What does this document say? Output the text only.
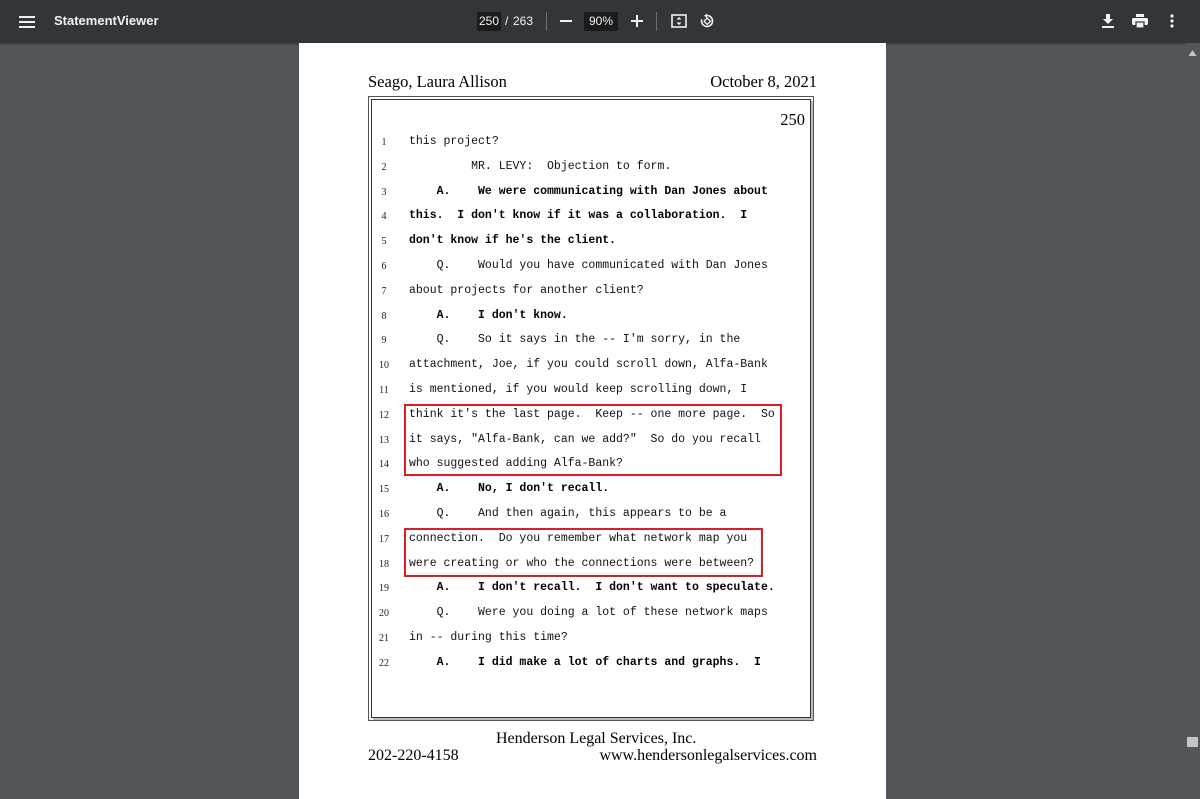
StatementViewer	250 / 263	90%
Seago, Laura Allison	October 8, 2021
250
1	this project?
2	MR. LEVY:  Objection to form.
3	A.    We were communicating with Dan Jones about
4	this.  I don't know if it was a collaboration.  I
5	don't know if he's the client.
6	Q.    Would you have communicated with Dan Jones
7	about projects for another client?
8	A.    I don't know.
9	Q.    So it says in the -- I'm sorry, in the
10 attachment, Joe, if you could scroll down, Alfa-Bank
11 is mentioned, if you would keep scrolling down, I
12 think it's the last page.  Keep -- one more page.  So
13 it says, "Alfa-Bank, can we add?"  So do you recall
14 who suggested adding Alfa-Bank?
15 A.    No, I don't recall.
16 Q.    And then again, this appears to be a
17 connection.  Do you remember what network map you
18 were creating or who the connections were between?
19 A.    I don't recall.  I don't want to speculate.
20 Q.    Were you doing a lot of these network maps
21 in -- during this time?
22 A.    I did make a lot of charts and graphs.  I
Henderson Legal Services, Inc.
202-220-4158	www.hendersonlegalservices.com
